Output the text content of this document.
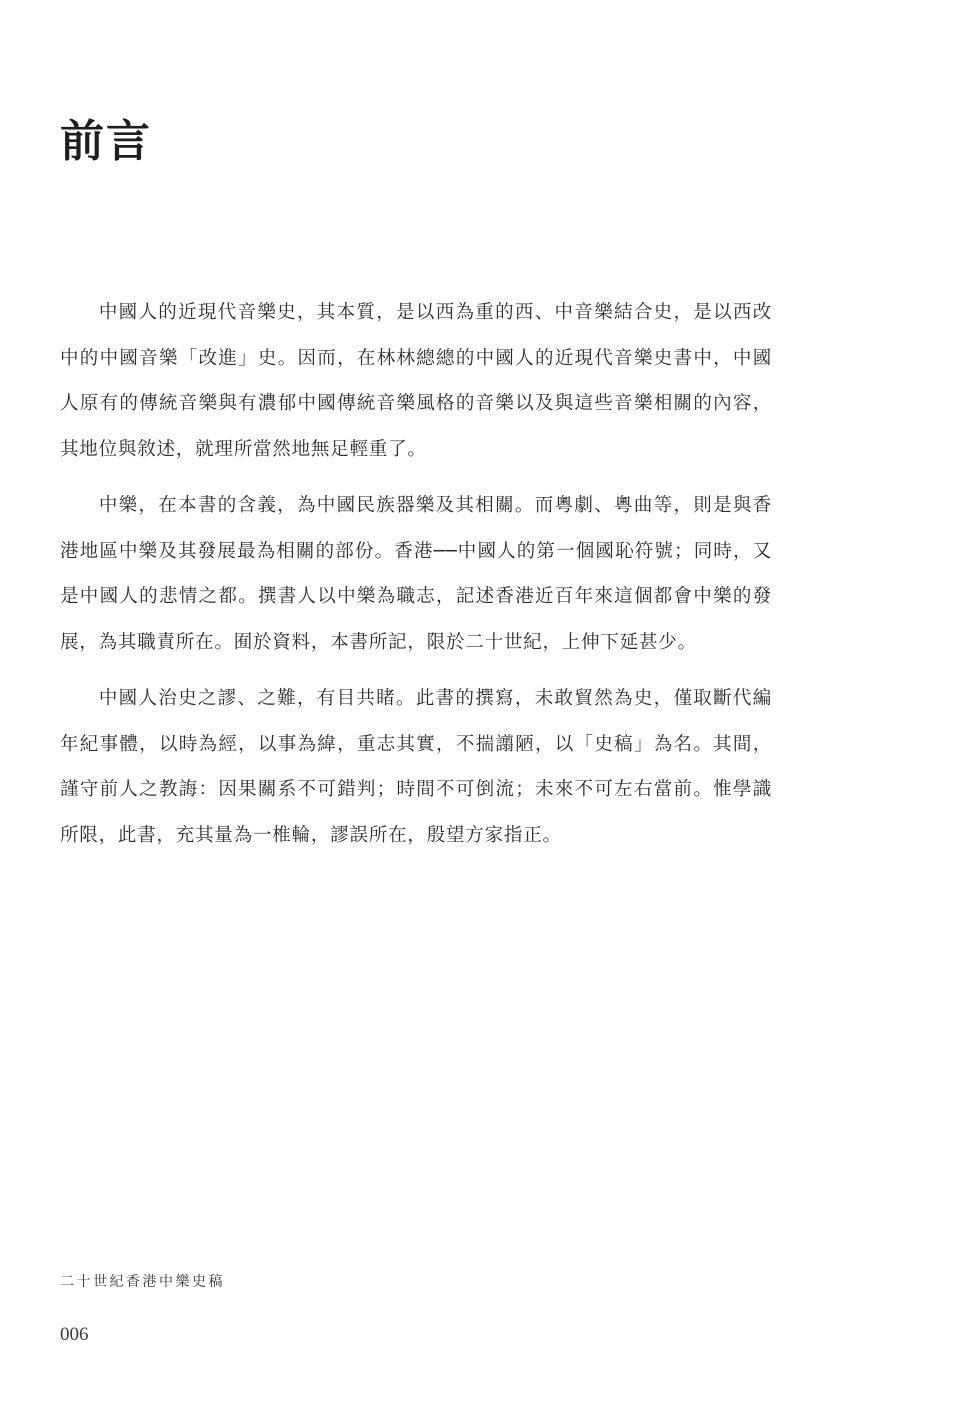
前言

中國人的近現代音樂史，其本質，是以西為重的西、中音樂結合史，是以西改中的中國音樂「改進」史。因而，在林林總總的中國人的近現代音樂史書中，中國人原有的傳統音樂與有濃郁中國傳統音樂風格的音樂以及與這些音樂相關的內容，其地位與敘述，就理所當然地無足輕重了。

中樂，在本書的含義，為中國民族器樂及其相關。而粵劇、粵曲等，則是與香港地區中樂及其發展最為相關的部份。香港──中國人的第一個國恥符號；同時，又是中國人的悲情之都。撰書人以中樂為職志，記述香港近百年來這個都會中樂的發展，為其職責所在。囿於資料，本書所記，限於二十世紀，上伸下延甚少。

中國人治史之謬、之難，有目共睹。此書的撰寫，未敢貿然為史，僅取斷代編年紀事體，以時為經，以事為緯，重志其實，不揣譾陋，以「史稿」為名。其間，謹守前人之教誨：因果關系不可錯判；時間不可倒流；未來不可左右當前。惟學識所限，此書，充其量為一椎輪，謬誤所在，殷望方家指正。

二十世紀香港中樂史稿

006
